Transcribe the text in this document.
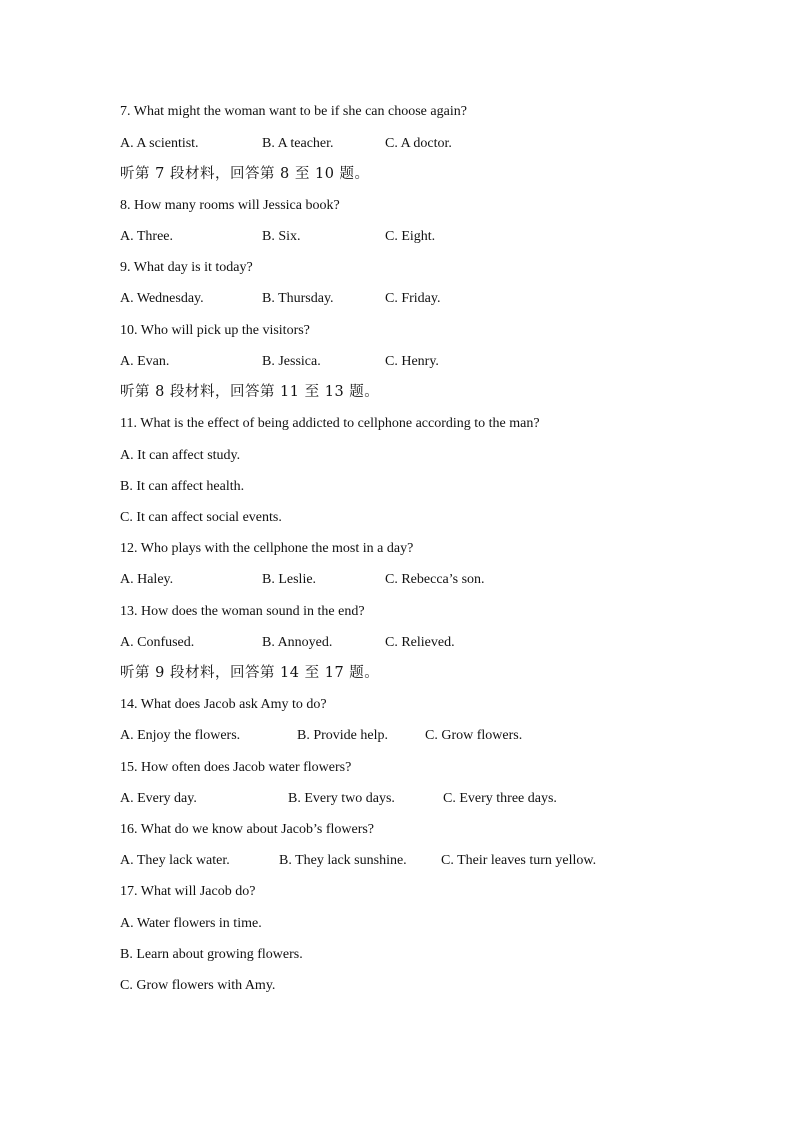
7. What might the woman want to be if she can choose again?
A. A scientist.	B. A teacher.	C. A doctor.
听第 7 段材料，回答第 8 至 10 题。
8. How many rooms will Jessica book?
A. Three.	B. Six.	C. Eight.
9. What day is it today?
A. Wednesday.	B. Thursday.	C. Friday.
10. Who will pick up the visitors?
A. Evan.	B. Jessica.	C. Henry.
听第 8 段材料，回答第 11 至 13 题。
11. What is the effect of being addicted to cellphone according to the man?
A. It can affect study.
B. It can affect health.
C. It can affect social events.
12. Who plays with the cellphone the most in a day?
A. Haley.	B. Leslie.	C. Rebecca’s son.
13. How does the woman sound in the end?
A. Confused.	B. Annoyed.	C. Relieved.
听第 9 段材料，回答第 14 至 17 题。
14. What does Jacob ask Amy to do?
A. Enjoy the flowers.	B. Provide help.	C. Grow flowers.
15. How often does Jacob water flowers?
A. Every day.	B. Every two days.	C. Every three days.
16. What do we know about Jacob’s flowers?
A. They lack water.	B. They lack sunshine. C. Their leaves turn yellow.
17. What will Jacob do?
A. Water flowers in time.
B. Learn about growing flowers.
C. Grow flowers with Amy.
